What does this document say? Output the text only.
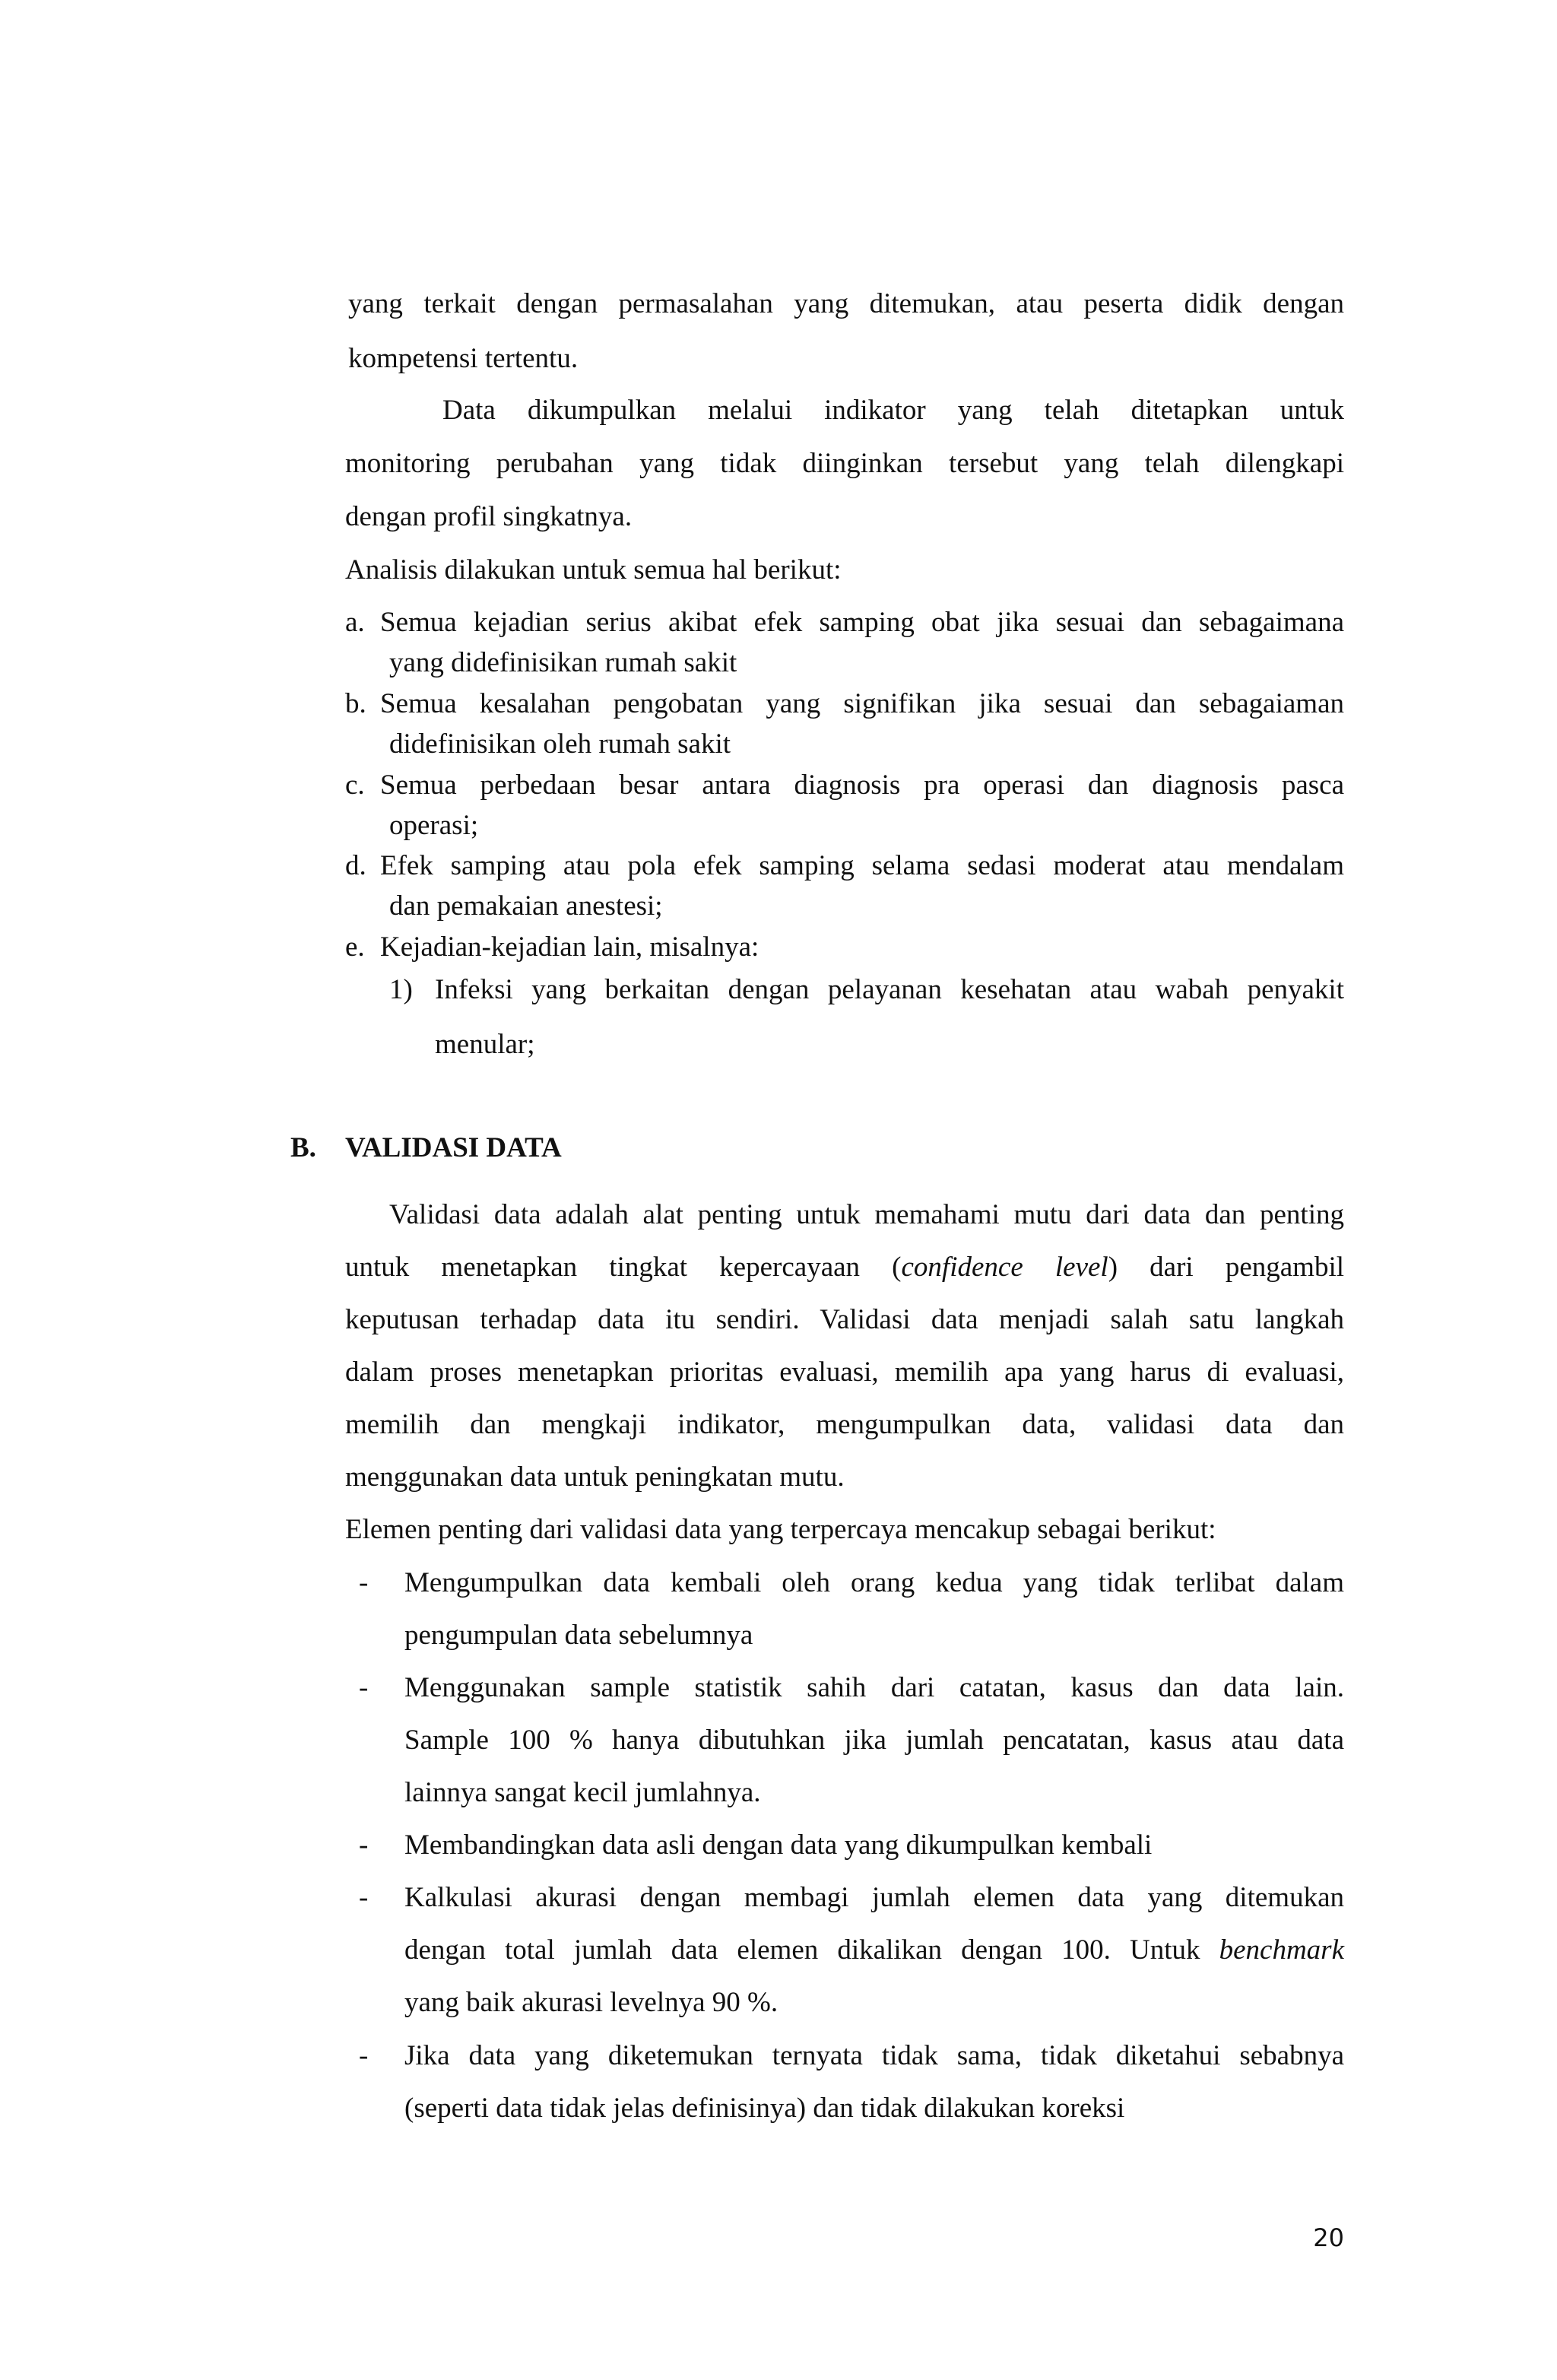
yang terkait dengan permasalahan yang ditemukan, atau peserta didik dengan
kompetensi tertentu.
Data dikumpulkan melalui indikator yang telah ditetapkan untuk
monitoring perubahan yang tidak diinginkan tersebut yang telah dilengkapi
dengan profil singkatnya.
Analisis dilakukan untuk semua hal berikut:
a. Semua kejadian serius akibat efek samping obat jika sesuai dan sebagaimana
yang didefinisikan rumah sakit
b. Semua kesalahan pengobatan yang signifikan jika sesuai dan sebagaiaman
didefinisikan oleh rumah sakit
c. Semua perbedaan besar antara diagnosis pra operasi dan diagnosis pasca
operasi;
d. Efek samping atau pola efek samping selama sedasi moderat atau mendalam
dan pemakaian anestesi;
e. Kejadian-kejadian lain, misalnya:
1) Infeksi yang berkaitan dengan pelayanan kesehatan atau wabah penyakit
menular;
B. VALIDASI DATA
Validasi data adalah alat penting untuk memahami mutu dari data dan penting
untuk menetapkan tingkat kepercayaan (confidence level) dari pengambil
keputusan terhadap data itu sendiri. Validasi data menjadi salah satu langkah
dalam proses menetapkan prioritas evaluasi, memilih apa yang harus di evaluasi,
memilih dan mengkaji indikator, mengumpulkan data, validasi data dan
menggunakan data untuk peningkatan mutu.
Elemen penting dari validasi data yang terpercaya mencakup sebagai berikut:
-	Mengumpulkan data kembali oleh orang kedua yang tidak terlibat dalam
pengumpulan data sebelumnya
-	Menggunakan sample statistik sahih dari catatan, kasus dan data lain.
Sample 100 % hanya dibutuhkan jika jumlah pencatatan, kasus atau data
lainnya sangat kecil jumlahnya.
-	Membandingkan data asli dengan data yang dikumpulkan kembali
-	Kalkulasi akurasi dengan membagi jumlah elemen data yang ditemukan
dengan total jumlah data elemen dikalikan dengan 100. Untuk benchmark
yang baik akurasi levelnya 90 %.
-	Jika data yang diketemukan ternyata tidak sama, tidak diketahui sebabnya
(seperti data tidak jelas definisinya) dan tidak dilakukan koreksi
20
